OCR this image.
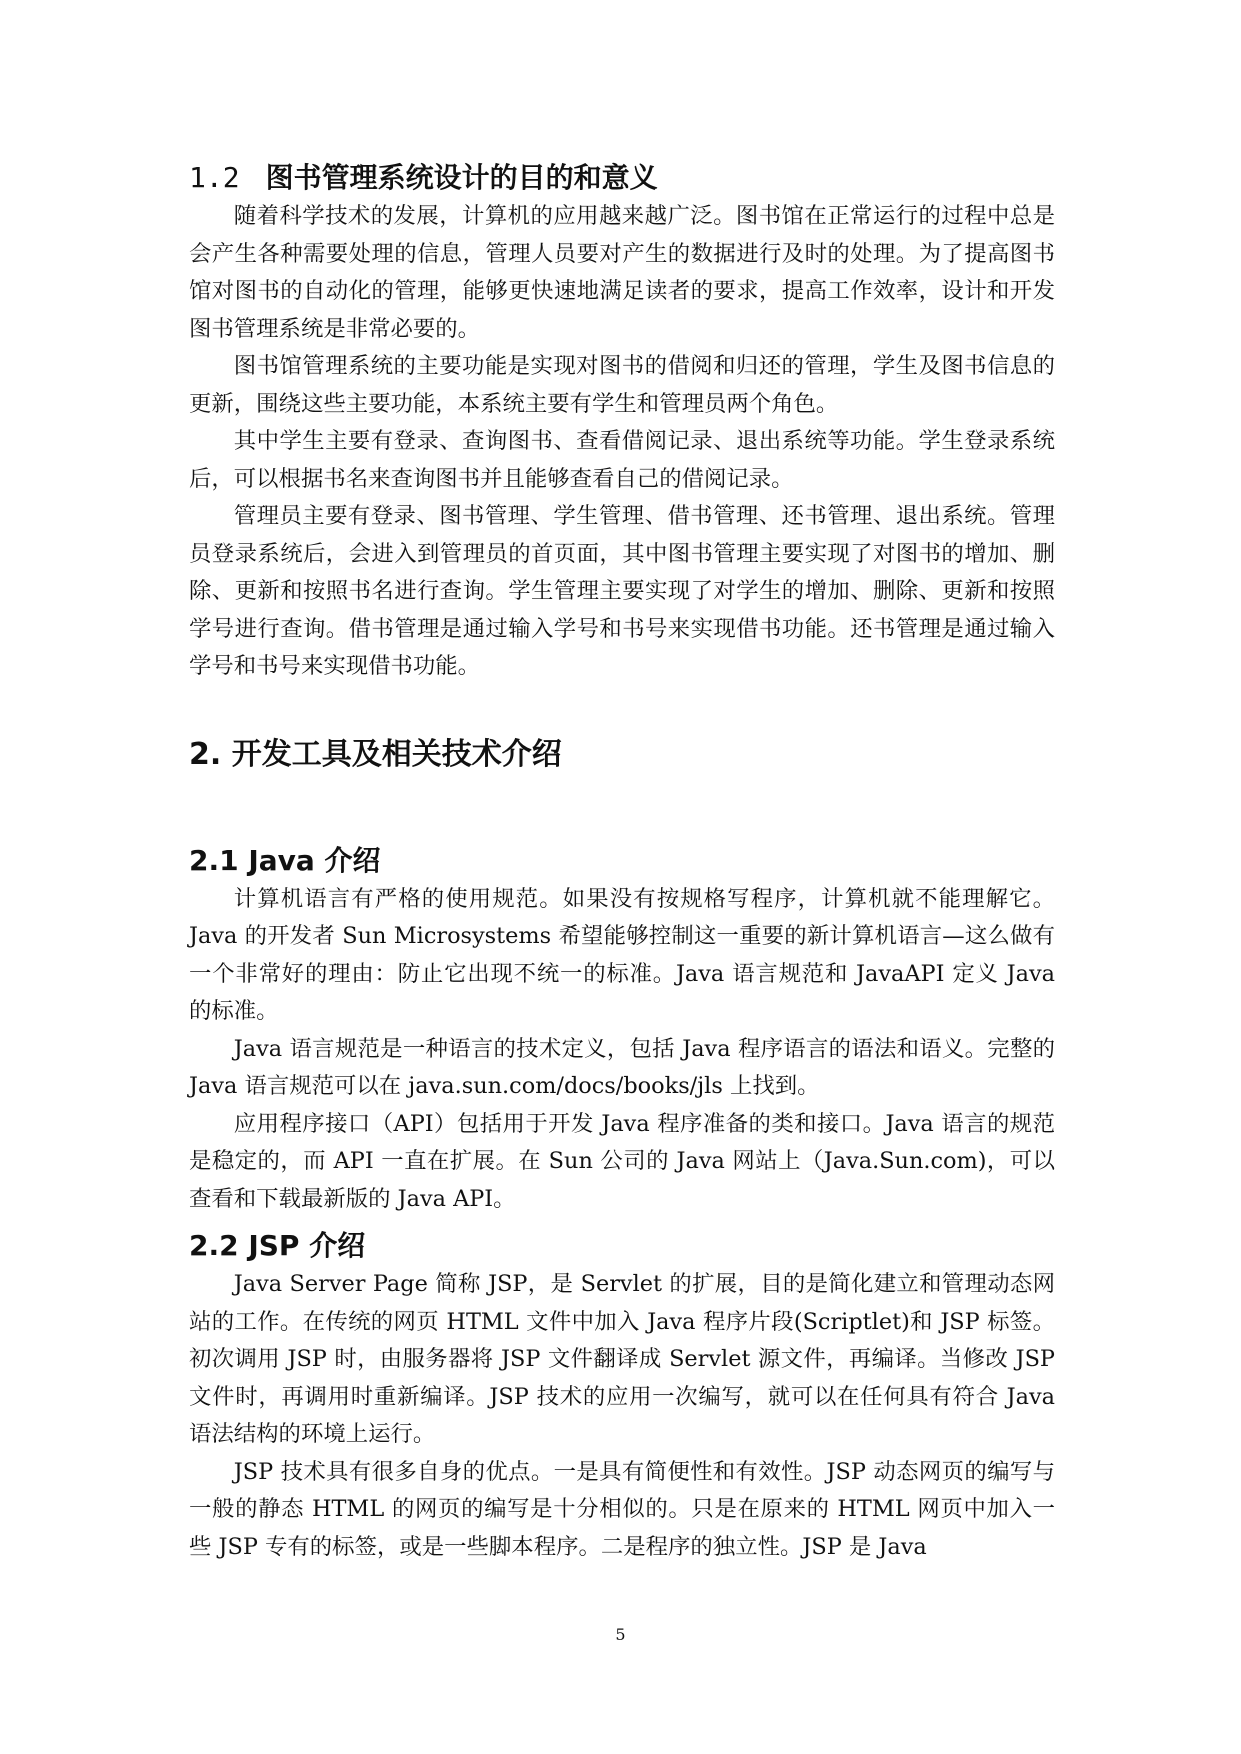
1.2 图书管理系统设计的目的和意义

随着科学技术的发展，计算机的应用越来越广泛。图书馆在正常运行的过程中总是会产生各种需要处理的信息，管理人员要对产生的数据进行及时的处理。为了提高图书馆对图书的自动化的管理，能够更快速地满足读者的要求，提高工作效率，设计和开发图书管理系统是非常必要的。

图书馆管理系统的主要功能是实现对图书的借阅和归还的管理，学生及图书信息的更新，围绕这些主要功能，本系统主要有学生和管理员两个角色。

其中学生主要有登录、查询图书、查看借阅记录、退出系统等功能。学生登录系统后，可以根据书名来查询图书并且能够查看自己的借阅记录。

管理员主要有登录、图书管理、学生管理、借书管理、还书管理、退出系统。管理员登录系统后，会进入到管理员的首页面，其中图书管理主要实现了对图书的增加、删除、更新和按照书名进行查询。学生管理主要实现了对学生的增加、删除、更新和按照学号进行查询。借书管理是通过输入学号和书号来实现借书功能。还书管理是通过输入学号和书号来实现借书功能。

2. 开发工具及相关技术介绍
2.1 Java 介绍

计算机语言有严格的使用规范。如果没有按规格写程序，计算机就不能理解它。Java 的开发者 Sun Microsystems 希望能够控制这一重要的新计算机语言—这么做有一个非常好的理由：防止它出现不统一的标准。Java 语言规范和 JavaAPI 定义 Java 的标准。

Java 语言规范是一种语言的技术定义，包括 Java 程序语言的语法和语义。完整的 Java 语言规范可以在 java.sun.com/docs/books/jls 上找到。

应用程序接口（API）包括用于开发 Java 程序准备的类和接口。Java 语言的规范是稳定的，而 API 一直在扩展。在 Sun 公司的 Java 网站上（Java.Sun.com)，可以查看和下载最新版的 Java API。

2.2 JSP 介绍

Java Server Page 简称 JSP，是 Servlet 的扩展，目的是简化建立和管理动态网站的工作。在传统的网页 HTML 文件中加入 Java 程序片段(Scriptlet)和 JSP 标签。初次调用 JSP 时，由服务器将 JSP 文件翻译成 Servlet 源文件，再编译。当修改 JSP 文件时，再调用时重新编译。JSP 技术的应用一次编写，就可以在任何具有符合 Java 语法结构的环境上运行。

JSP 技术具有很多自身的优点。一是具有简便性和有效性。JSP 动态网页的编写与一般的静态 HTML 的网页的编写是十分相似的。只是在原来的 HTML 网页中加入一些 JSP 专有的标签，或是一些脚本程序。二是程序的独立性。JSP 是 Java

5
